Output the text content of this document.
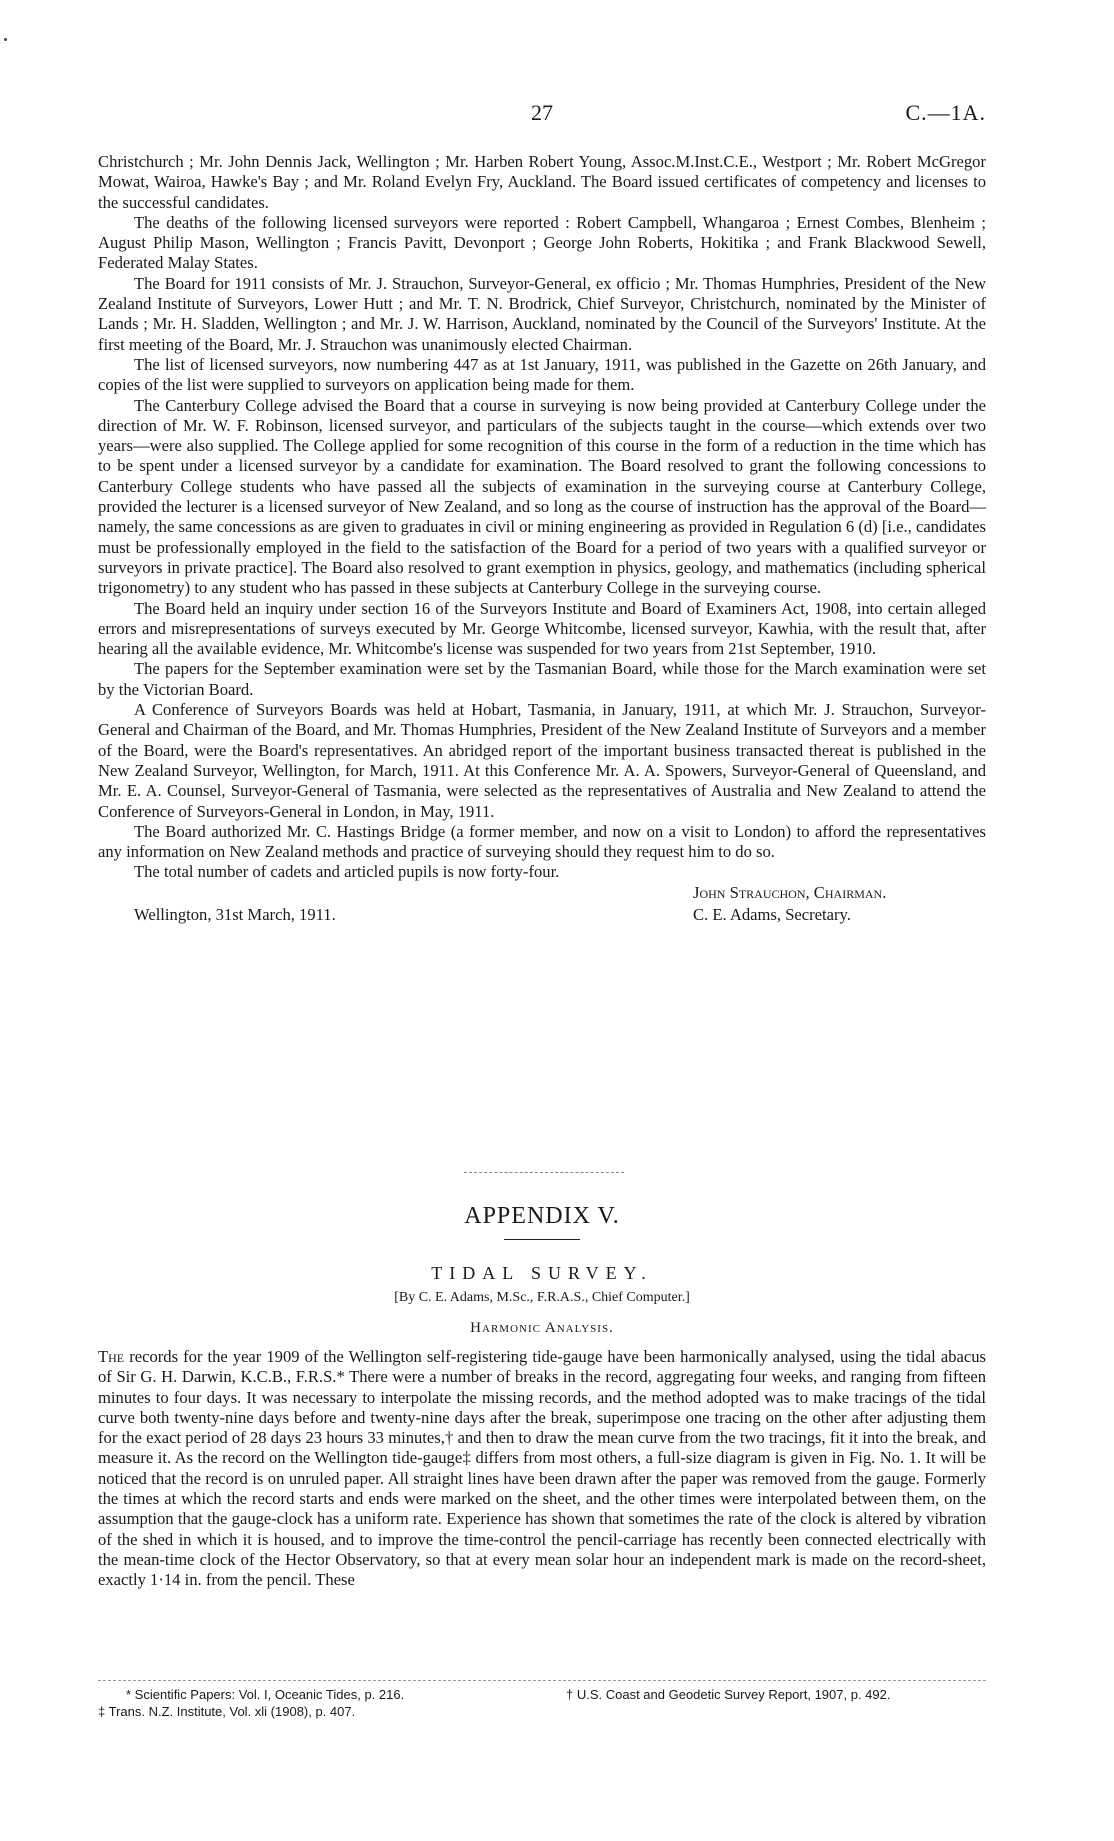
27	C.—1A.

Christchurch ; Mr. John Dennis Jack, Wellington ; Mr. Harben Robert Young, Assoc.M.Inst.C.E., Westport ; Mr. Robert McGregor Mowat, Wairoa, Hawke's Bay ; and Mr. Roland Evelyn Fry, Auckland. The Board issued certificates of competency and licenses to the successful candidates.

The deaths of the following licensed surveyors were reported : Robert Campbell, Whangaroa ; Ernest Combes, Blenheim ; August Philip Mason, Wellington ; Francis Pavitt, Devonport ; George John Roberts, Hokitika ; and Frank Blackwood Sewell, Federated Malay States.

The Board for 1911 consists of Mr. J. Strauchon, Surveyor-General, ex officio ; Mr. Thomas Humphries, President of the New Zealand Institute of Surveyors, Lower Hutt ; and Mr. T. N. Brodrick, Chief Surveyor, Christchurch, nominated by the Minister of Lands ; Mr. H. Sladden, Wellington ; and Mr. J. W. Harrison, Auckland, nominated by the Council of the Surveyors' Institute. At the first meeting of the Board, Mr. J. Strauchon was unanimously elected Chairman.

The list of licensed surveyors, now numbering 447 as at 1st January, 1911, was published in the Gazette on 26th January, and copies of the list were supplied to surveyors on application being made for them.

The Canterbury College advised the Board that a course in surveying is now being provided at Canterbury College under the direction of Mr. W. F. Robinson, licensed surveyor, and particulars of the subjects taught in the course—which extends over two years—were also supplied. The College applied for some recognition of this course in the form of a reduction in the time which has to be spent under a licensed surveyor by a candidate for examination. The Board resolved to grant the following concessions to Canterbury College students who have passed all the subjects of examination in the surveying course at Canterbury College, provided the lecturer is a licensed surveyor of New Zealand, and so long as the course of instruction has the approval of the Board—namely, the same concessions as are given to graduates in civil or mining engineering as provided in Regulation 6 (d) [i.e., candidates must be professionally employed in the field to the satisfaction of the Board for a period of two years with a qualified surveyor or surveyors in private practice]. The Board also resolved to grant exemption in physics, geology, and mathematics (including spherical trigonometry) to any student who has passed in these subjects at Canterbury College in the surveying course.

The Board held an inquiry under section 16 of the Surveyors Institute and Board of Examiners Act, 1908, into certain alleged errors and misrepresentations of surveys executed by Mr. George Whitcombe, licensed surveyor, Kawhia, with the result that, after hearing all the available evidence, Mr. Whitcombe's license was suspended for two years from 21st September, 1910.

The papers for the September examination were set by the Tasmanian Board, while those for the March examination were set by the Victorian Board.

A Conference of Surveyors Boards was held at Hobart, Tasmania, in January, 1911, at which Mr. J. Strauchon, Surveyor-General and Chairman of the Board, and Mr. Thomas Humphries, President of the New Zealand Institute of Surveyors and a member of the Board, were the Board's representatives. An abridged report of the important business transacted thereat is published in the New Zealand Surveyor, Wellington, for March, 1911. At this Conference Mr. A. A. Spowers, Surveyor-General of Queensland, and Mr. E. A. Counsel, Surveyor-General of Tasmania, were selected as the representatives of Australia and New Zealand to attend the Conference of Surveyors-General in London, in May, 1911.

The Board authorized Mr. C. Hastings Bridge (a former member, and now on a visit to London) to afford the representatives any information on New Zealand methods and practice of surveying should they request him to do so.

The total number of cadets and articled pupils is now forty-four.

John Strauchon, Chairman.
Wellington, 31st March, 1911.	C. E. Adams, Secretary.
APPENDIX V.
TIDAL SURVEY.
[By C. E. Adams, M.Sc., F.R.A.S., Chief Computer.]
Harmonic Analysis.

The records for the year 1909 of the Wellington self-registering tide-gauge have been harmonically analysed, using the tidal abacus of Sir G. H. Darwin, K.C.B., F.R.S.* There were a number of breaks in the record, aggregating four weeks, and ranging from fifteen minutes to four days. It was necessary to interpolate the missing records, and the method adopted was to make tracings of the tidal curve both twenty-nine days before and twenty-nine days after the break, superimpose one tracing on the other after adjusting them for the exact period of 28 days 23 hours 33 minutes,† and then to draw the mean curve from the two tracings, fit it into the break, and measure it. As the record on the Wellington tide-gauge‡ differs from most others, a full-size diagram is given in Fig. No. 1. It will be noticed that the record is on unruled paper. All straight lines have been drawn after the paper was removed from the gauge. Formerly the times at which the record starts and ends were marked on the sheet, and the other times were interpolated between them, on the assumption that the gauge-clock has a uniform rate. Experience has shown that sometimes the rate of the clock is altered by vibration of the shed in which it is housed, and to improve the time-control the pencil-carriage has recently been connected electrically with the mean-time clock of the Hector Observatory, so that at every mean solar hour an independent mark is made on the record-sheet, exactly 1·14 in. from the pencil. These

* Scientific Papers: Vol. I, Oceanic Tides, p. 216.	† U.S. Coast and Geodetic Survey Report, 1907, p. 492.
‡ Trans. N.Z. Institute, Vol. xli (1908), p. 407.
